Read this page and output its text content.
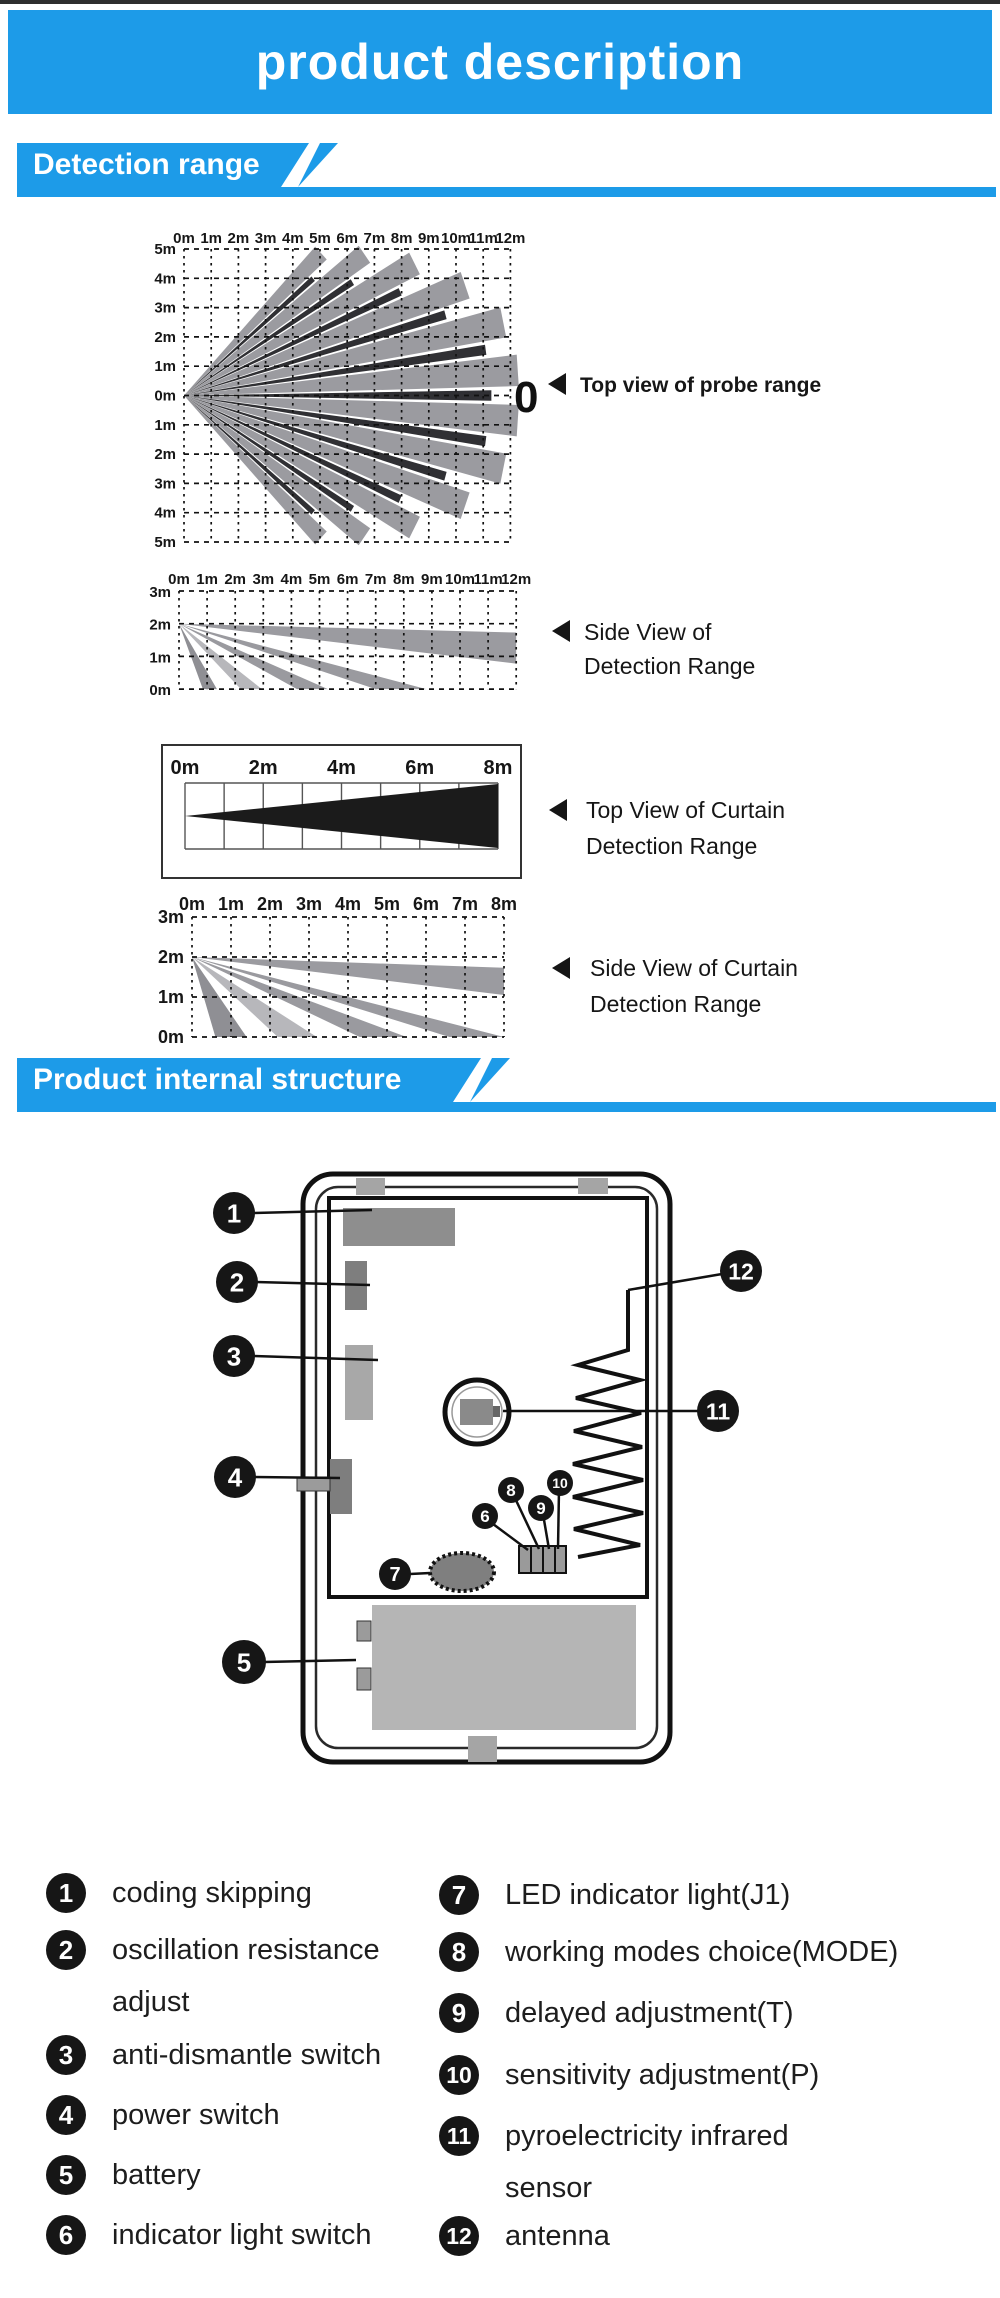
product description
Detection range
Product internal structure
0m 1m 2m 3m 4m 5m 6m 7m 8m 9m 10m
11m
12m
5m
4m
3m
2m
1m
0m
1m
2m
3m
4m
5m
0 Top view of probe range
0m 1m 2m 3m 4m 5m 6m 7m 8m 9m 10m
11m
12m
3m
2m
1m
0m
Side View of
Detection Range
0m 2m 4m 6m 8m
Top View of Curtain
Detection Range
0m 1m 2m 3m 4m 5m 6m 7m 8m
3m
2m
1m
0m
Side View of Curtain
Detection Range
1
2
3
4
5
6
7
8
9
10
11
12
1	coding skipping
2	oscillation resistance
adjust
3	anti-dismantle switch
4	power switch
5	battery
6	indicator light switch
7	LED indicator light(J1)
8	working modes choice(MODE)
9	delayed adjustment(T)
10 sensitivity adjustment(P)
11 pyroelectricity infrared
sensor
12 antenna
